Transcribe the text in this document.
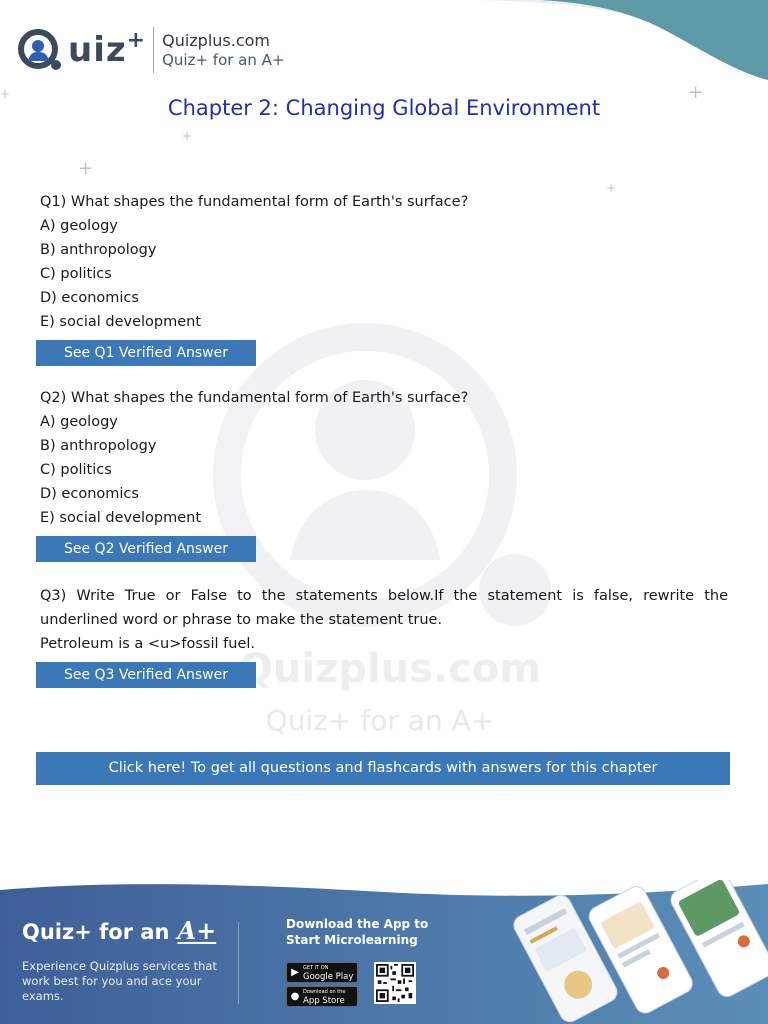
+
+
+
+
+
Quizplus.com
Quiz+ for an A+
uiz + Quizplus.com
Quiz+ for an A+
Chapter 2: Changing Global Environment

Q1) What shapes the fundamental form of Earth's surface?

A) geology

B) anthropology

C) politics

D) economics

E) social development

See Q1 Verified Answer

Q2) What shapes the fundamental form of Earth's surface?

A) geology

B) anthropology

C) politics

D) economics

E) social development

See Q2 Verified Answer

Q3) Write True or False to the statements below.If the statement is false, rewrite the underlined word or phrase to make the statement true.

Petroleum is a <u>fossil fuel.

See Q3 Verified Answer
Click here! To get all questions and flashcards with answers for this chapter
Quiz+ for an A+
Experience Quizplus services that work best for you and ace your exams.
Download the App to
Start Microlearning
▶ GET IT ON
Google Play
● Download on the
App Store
